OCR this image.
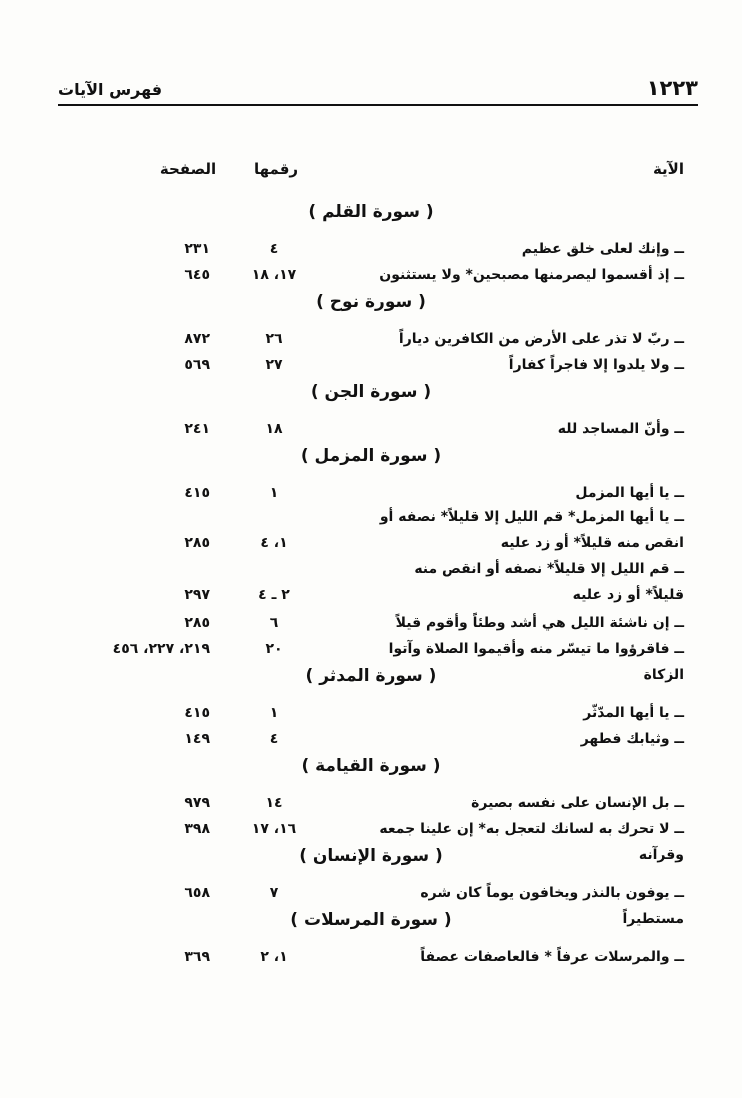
١٢٢٣
فهرس الآيات
الآية
رقمها
الصفحة
( سورة القلم )
ــ وإنك لعلى خلق عظيم
٤
٢٣١
ــ إذ أقسموا ليصرمنها مصبحين* ولا يستثنون
١٧، ١٨
٦٤٥
( سورة نوح )
ــ ربّ لا تذر على الأرض من الكافرين دياراً
٢٦
٨٧٢
ــ ولا يلدوا إلا فاجراً كفاراً
٢٧
٥٦٩
( سورة الجن )
ــ وأنّ المساجد لله
١٨
٢٤١
( سورة المزمل )
ــ يا أيها المزمل
١
٤١٥
ــ يا أيها المزمل* قم الليل إلا قليلاً* نصفه أو انقص منه قليلاً* أو زد عليه
١، ٤
٢٨٥
ــ قم الليل إلا قليلاً* نصفه أو انقص منه قليلاً* أو زد عليه
٢ ـ ٤
٢٩٧
ــ إن ناشئة الليل هي أشد وطئاً وأقوم قيلاً
٦
٢٨٥
ــ فاقرؤوا ما تيسّر منه وأقيموا الصلاة وآتوا الزكاة
٢٠
٢١٩، ٢٢٧، ٤٥٦
( سورة المدثر )
ــ يا أيها المدّثّر
١
٤١٥
ــ وثيابك فطهر
٤
١٤٩
( سورة القيامة )
ــ بل الإنسان على نفسه بصيرة
١٤
٩٧٩
ــ لا تحرك به لسانك لتعجل به* إن علينا جمعه وقرآنه
١٦، ١٧
٣٩٨
( سورة الإنسان )
ــ يوفون بالنذر ويخافون يوماً كان شره مستطيراً
٧
٦٥٨
( سورة المرسلات )
ــ والمرسلات عرفاً * فالعاصفات عصفاً
١، ٢
٣٦٩
